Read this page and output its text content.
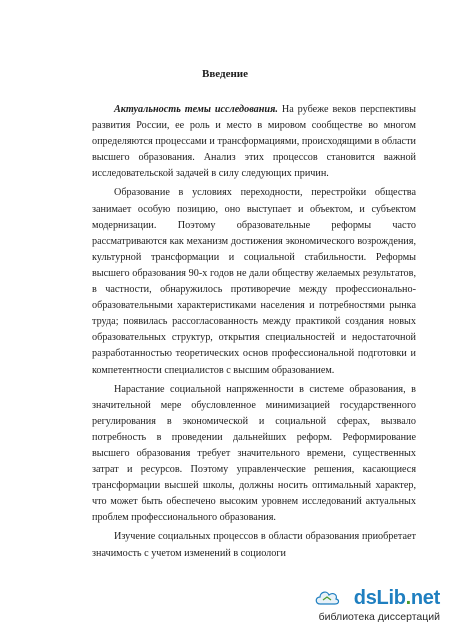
Введение

Актуальность темы исследования. На рубеже веков перспективы развития России, ее роль и место в мировом сообществе во многом определяются процессами и трансформациями, происходящими в области высшего образования. Анализ этих процессов становится важной исследовательской задачей в силу следующих причин.

Образование в условиях переходности, перестройки общества занимает особую позицию, оно выступает и объектом, и субъектом модернизации. Поэтому образовательные реформы часто рассматриваются как механизм достижения экономического возрождения, культурной трансформации и социальной стабильности. Реформы высшего образования 90-х годов не дали обществу желаемых результатов, в частности, обнаружилось противоречие между профессионально-образовательными характеристиками населения и потребностями рынка труда; появилась рассогласованность между практикой создания новых образовательных структур, открытия специальностей и недостаточной разработанностью теоретических основ профессиональной подготовки и компетентности специалистов с высшим образованием.

Нарастание социальной напряженности в системе образования, в значительной мере обусловленное минимизацией государственного регулирования в экономической и социальной сферах, вызвало потребность в проведении дальнейших реформ. Реформирование высшего образования требует значительного времени, существенных затрат и ресурсов. Поэтому управленческие решения, касающиеся трансформации высшей школы, должны носить оптимальный характер, что может быть обеспечено высоким уровнем исследований актуальных проблем профессионального образования.

Изучение социальных процессов в области образования приобретает значимость с учетом изменений в социологи

dsLib.net
библиотека диссертаций
